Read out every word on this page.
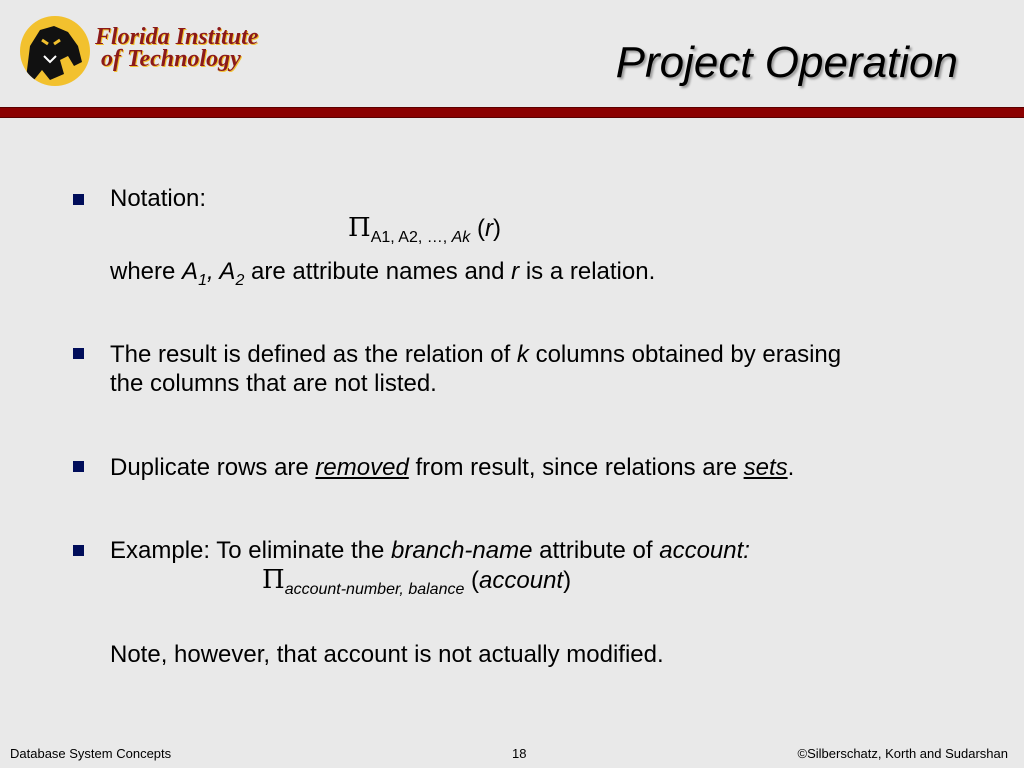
Florida Institute
of Technology	Project Operation
Notation:
$\Pi_{A1, A2, \dots, Ak}$ (r)
where $A_1$, $A_2$ are attribute names and r is a relation.
The result is defined as the relation of k columns obtained by erasing
the columns that are not listed.
Duplicate rows are removed from result, since relations are sets.
Example: To eliminate the branch-name attribute of account:
$\Pi_{account-number, balance}$ (account)
Note, however, that account is not actually modified.
Database System Concepts	18	©Silberschatz, Korth and Sudarshan
